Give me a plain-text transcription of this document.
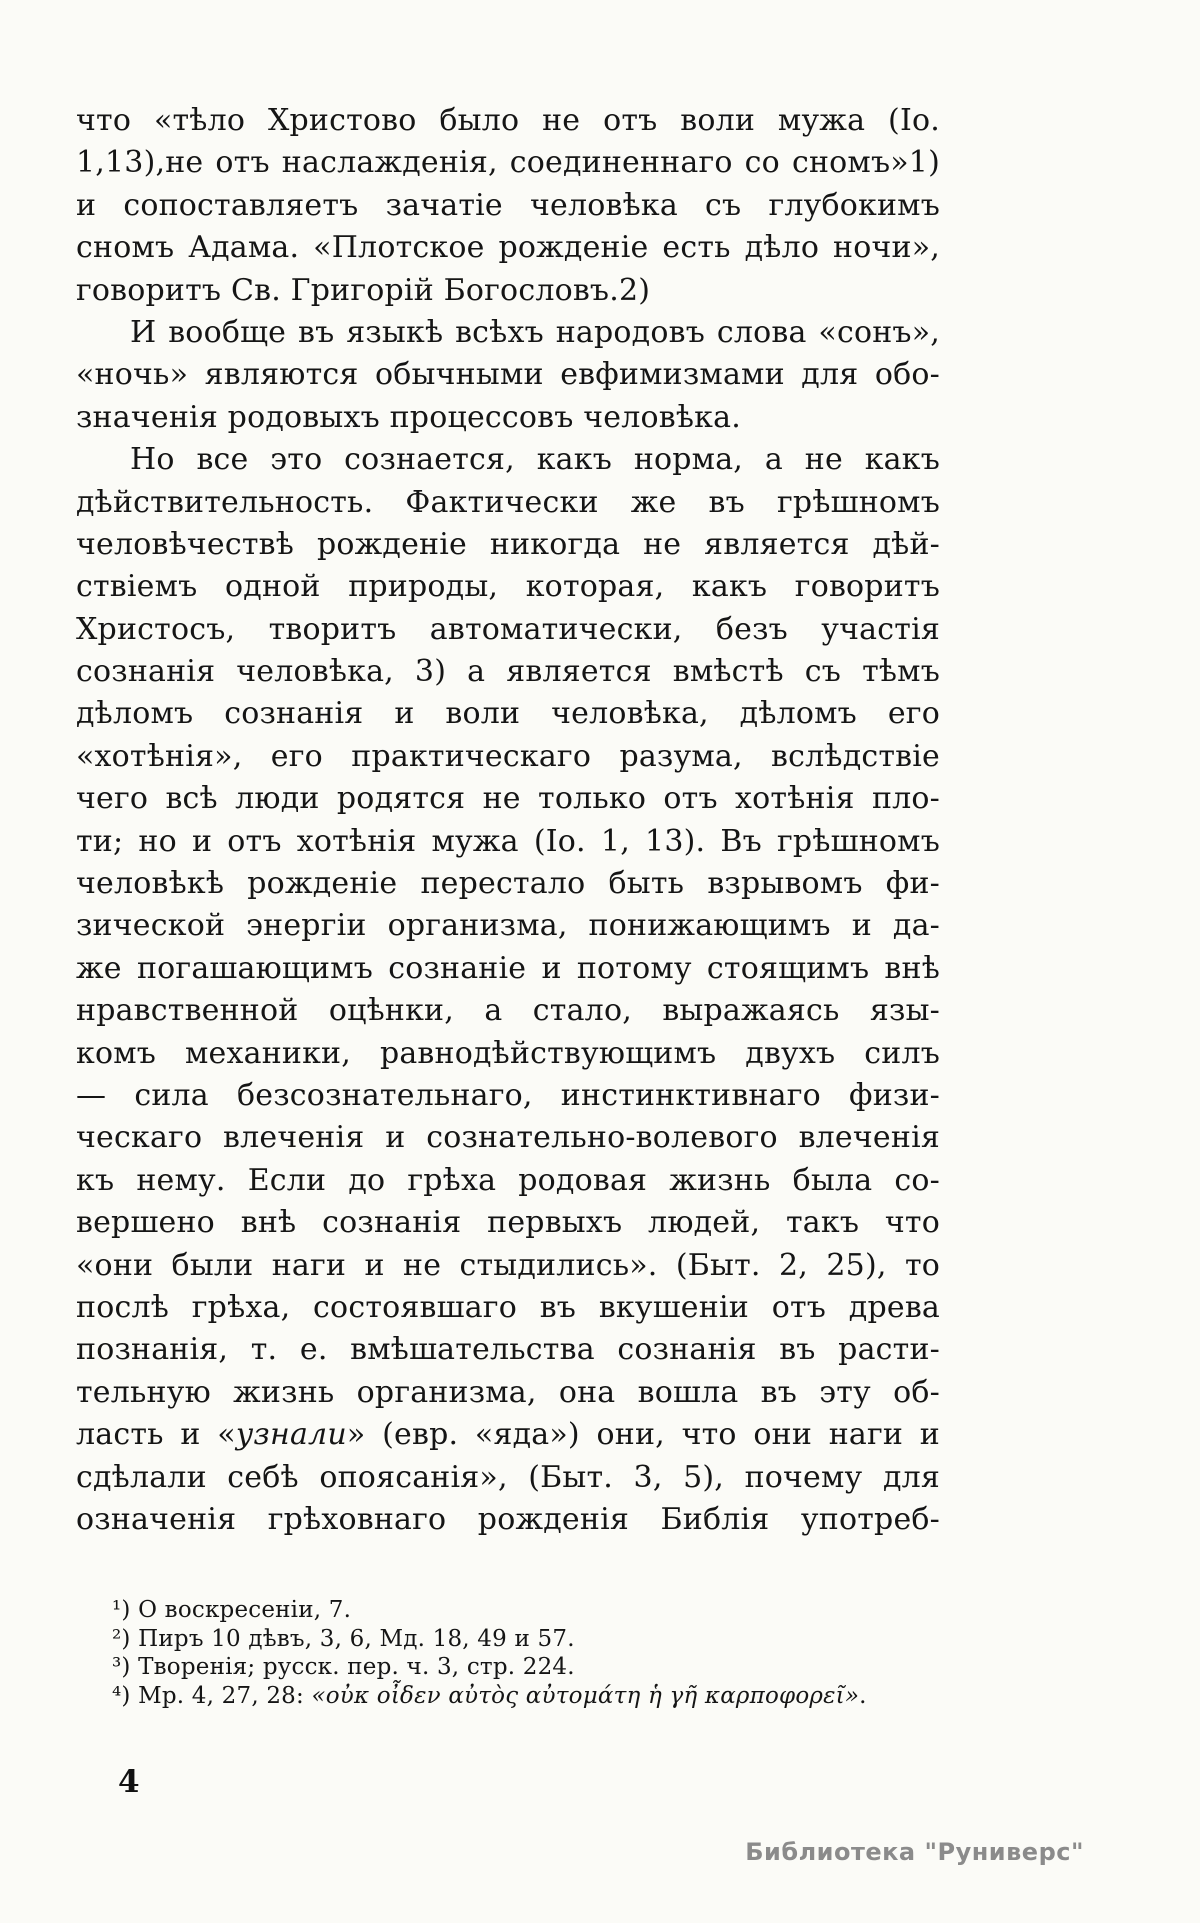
что «тѣло Христово было не отъ воли мужа (Іо.
1,13),не отъ наслажденія, соединеннаго со сномъ»1)
и сопоставляетъ зачатіе человѣка съ глубокимъ
сномъ Адама. «Плотское рожденіе есть дѣло ночи»,
говоритъ Св. Григорій Богословъ.2)
И вообще въ языкѣ всѣхъ народовъ слова «сонъ»,
«ночь» являются обычными евфимизмами для обо-
значенія родовыхъ процессовъ человѣка.
Но все это сознается, какъ норма, а не какъ
дѣйствительность. Фактически же въ грѣшномъ
человѣчествѣ рожденіе никогда не является дѣй-
ствіемъ одной природы, которая, какъ говоритъ
Христосъ, творитъ автоматически, безъ участія
сознанія человѣка, 3) а является вмѣстѣ съ тѣмъ
дѣломъ сознанія и воли человѣка, дѣломъ его
«хотѣнія», его практическаго разума, вслѣдствіе
чего всѣ люди родятся не только отъ хотѣнія пло-
ти; но и отъ хотѣнія мужа (Іо. 1, 13). Въ грѣшномъ
человѣкѣ рожденіе перестало быть взрывомъ фи-
зической энергіи организма, понижающимъ и да-
же погашающимъ сознаніе и потому стоящимъ внѣ
нравственной оцѣнки, а стало, выражаясь язы-
комъ механики, равнодѣйствующимъ двухъ силъ
— сила безсознательнаго, инстинктивнаго физи-
ческаго влеченія и сознательно-волевого влеченія
къ нему. Если до грѣха родовая жизнь была со-
вершено внѣ сознанія первыхъ людей, такъ что
«они были наги и не стыдились». (Быт. 2, 25), то
послѣ грѣха, состоявшаго въ вкушеніи отъ древа
познанія, т. е. вмѣшательства сознанія въ расти-
тельную жизнь организма, она вошла въ эту об-
ласть и «узнали» (евр. «яда») они, что они наги и
сдѣлали себѣ опоясанія», (Быт. 3, 5), почему для
означенія грѣховнаго рожденія Библія употреб-
¹) О воскресеніи, 7.
²) Пиръ 10 дѣвъ, 3, 6, Мд. 18, 49 и 57.
³) Творенія; русск. пер. ч. 3, стр. 224.
⁴) Мр. 4, 27, 28: «οὐκ οἶδεν αὐτὸς αὐτομάτη ἡ γῆ καρποφορεῖ».
4
Библиотека "Руниверс"
